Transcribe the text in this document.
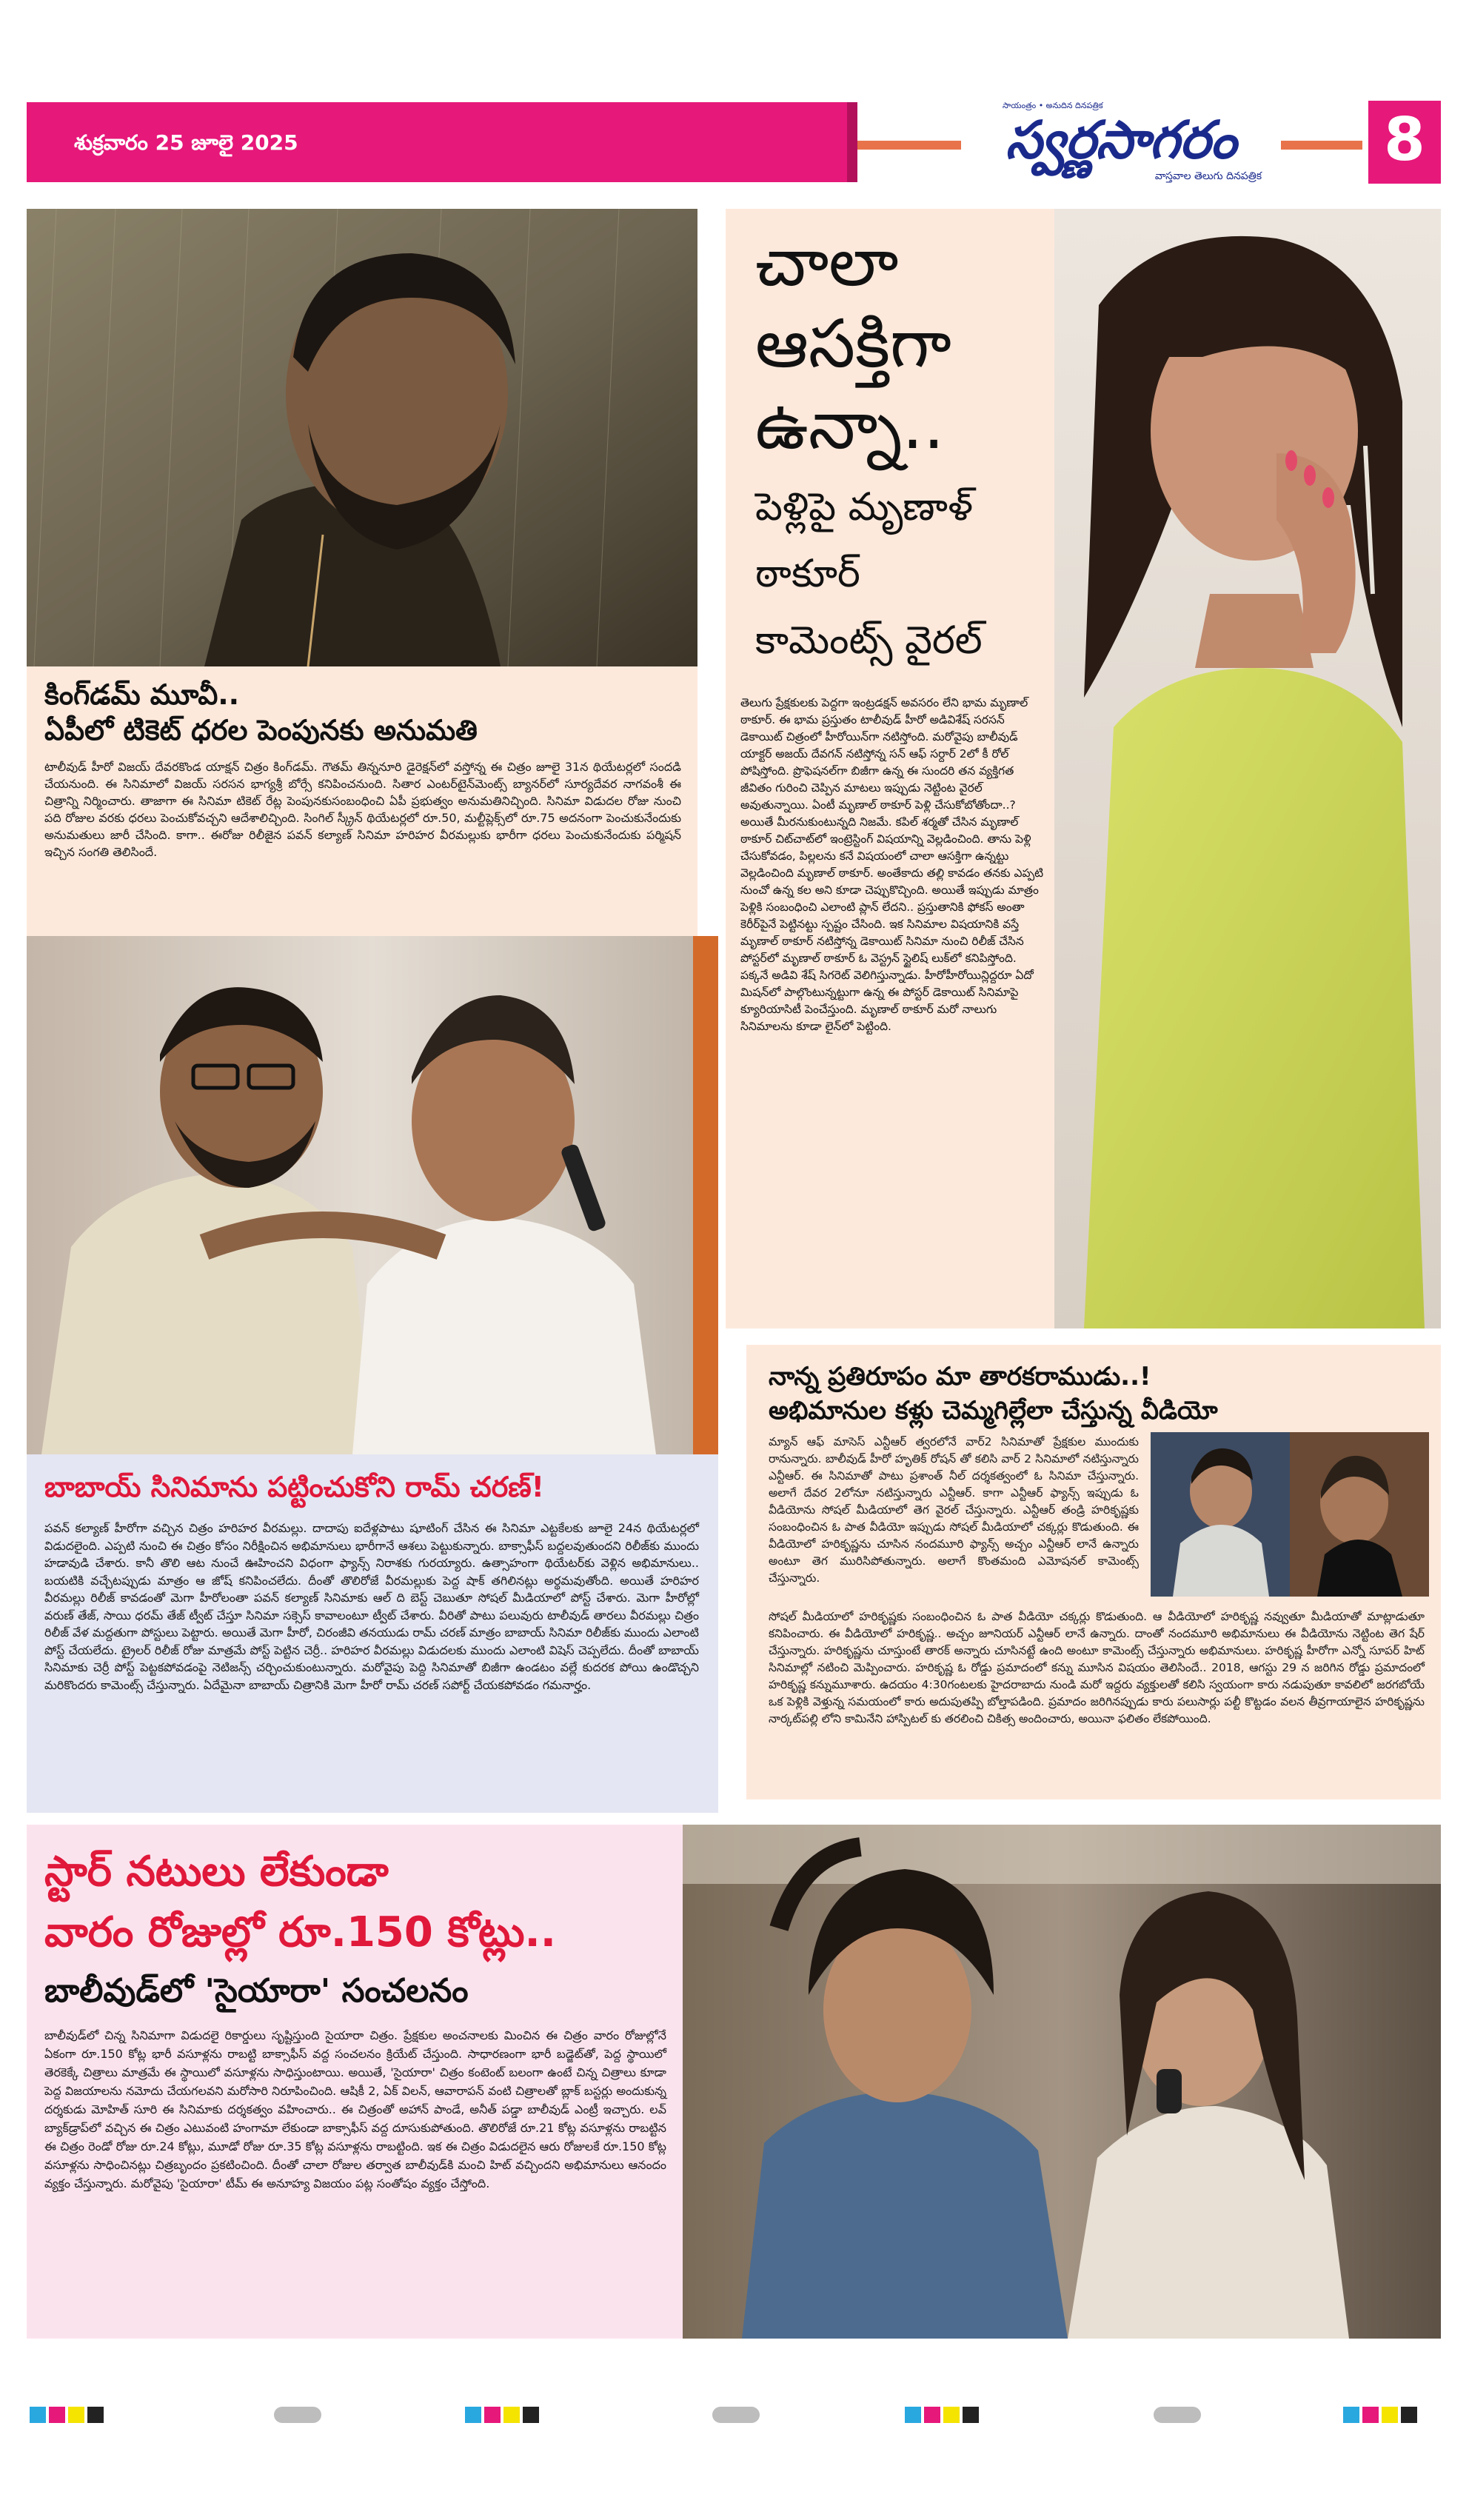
శుక్రవారం 25 జూలై 2025
సాయంత్రం • అనుదిన దినపత్రిక
స్వర్ణసాగరం
వాస్తవాల తెలుగు దినపత్రిక
8
కింగ్‌డమ్ మూవీ..
ఏపీలో టికెట్ ధరల పెంపునకు అనుమతి
టాలీవుడ్ హీరో విజయ్ దేవరకొండ యాక్షన్ చిత్రం కింగ్‌డమ్. గౌతమ్ తిన్ననూరి డైరెక్షన్‌లో వస్తోన్న ఈ చిత్రం జూలై 31న థియేటర్లలో సందడి చేయనుంది. ఈ సినిమాలో విజయ్ సరసన భాగ్యశ్రీ బోర్సే కనిపించనుంది. సితార ఎంటర్‌టైన్‌మెంట్స్ బ్యానర్‌లో సూర్యదేవర నాగవంశీ ఈ చిత్రాన్ని నిర్మించారు. తాజాగా ఈ సినిమా టికెట్ రేట్ల పెంపునకుసంబంధించి ఏపీ ప్రభుత్వం అనుమతినిచ్చింది. సినిమా విడుదల రోజు నుంచి పది రోజుల వరకు ధరలు పెంచుకోవచ్చని ఆదేశాలిచ్చింది. సింగిల్ స్క్రీన్ థియేటర్లలో రూ.50, మల్టీప్లెక్స్‌లో రూ.75 అదనంగా పెంచుకునేందుకు అనుమతులు జారీ చేసింది. కాగా.. ఈరోజు రిలీజైన పవన్ కల్యాణ్ సినిమా హరిహర వీరమల్లుకు భారీగా ధరలు పెంచుకునేందుకు పర్మిషన్ ఇచ్చిన సంగతి తెలిసిందే.
చాలా
ఆసక్తిగా
ఉన్నా..
పెళ్లిపై మృణాళ్
ఠాకూర్
కామెంట్స్ వైరల్
తెలుగు ప్రేక్షకులకు పెద్దగా ఇంట్రడక్షన్ అవసరం లేని భామ మృణాల్ ఠాకూర్. ఈ భామ ప్రస్తుతం టాలీవుడ్ హీరో అడివిశేష్ సరసన్ డెకాయిట్ చిత్రంలో హీరోయిన్‌గా నటిస్తోంది. మరోవైపు బాలీవుడ్ యాక్టర్ అజయ్ దేవగన్ నటిస్తోన్న సన్ ఆఫ్ సర్దార్ 2లో కీ రోల్ పోషిస్తోంది. ప్రొఫెషనల్‌గా బిజీగా ఉన్న ఈ సుందరి తన వ్యక్తిగత జీవితం గురించి చెప్పిన మాటలు ఇప్పుడు నెట్టింట వైరల్ అవుతున్నాయి. ఏంటీ మృణాల్ ఠాకూర్ పెళ్లి చేసుకోబోతోందా..? అయితే మీరనుకుంటున్నది నిజమే. కపిల్ శర్మతో చేసిన మృణాల్ ఠాకూర్ చిట్‌చాట్‌లో ఇంట్రెస్టింగ్ విషయాన్ని వెల్లడించింది. తాను పెళ్లి చేసుకోవడం, పిల్లలను కనే విషయంలో చాలా ఆసక్తిగా ఉన్నట్టు వెల్లడించింది మృణాల్ ఠాకూర్. అంతేకాదు తల్లి కావడం తనకు ఎప్పటి నుంచో ఉన్న కల అని కూడా చెప్పుకొచ్చింది. అయితే ఇప్పుడు మాత్రం పెళ్లికి సంబంధించి ఎలాంటి ప్లాన్ లేదని.. ప్రస్తుతానికి ఫోకస్ అంతా కెరీర్‌పైనే పెట్టినట్టు స్పష్టం చేసింది. ఇక సినిమాల విషయానికి వస్తే మృణాల్ ఠాకూర్ నటిస్తోన్న డెకాయిట్ సినిమా నుంచి రిలీజ్ చేసిన పోస్టర్‌లో మృణాల్ ఠాకూర్ ఓ వెస్ట్రన్ స్టైలిష్ లుక్‌లో కనిపిస్తోంది. పక్కనే అడివి శేష్ సిగరెట్ వెలిగిస్తున్నాడు. హీరోహీరోయిన్లిద్దరూ ఏదో మిషన్‌లో పాల్గొంటున్నట్టుగా ఉన్న ఈ పోస్టర్ డెకాయిట్ సినిమాపై క్యూరియాసిటీ పెంచేస్తుంది. మృణాల్ ఠాకూర్ మరో నాలుగు సినిమాలను కూడా లైన్‌లో పెట్టింది.
బాబాయ్ సినిమాను పట్టించుకోని రామ్ చరణ్!
పవన్ కల్యాణ్ హీరోగా వచ్చిన చిత్రం హరిహర వీరమల్లు. దాదాపు ఐదేళ్లపాటు షూటింగ్ చేసిన ఈ సినిమా ఎట్టకేలకు జూలై 24న థియేటర్లలో విడుదలైంది. ఎప్పటి నుంచి ఈ చిత్రం కోసం నిరీక్షించిన అభిమానులు భారీగానే ఆశలు పెట్టుకున్నారు. బాక్సాఫీస్ బద్దలవుతుందని రిలీజ్‌కు ముందు హడావుడి చేశారు. కానీ తొలి ఆట నుంచే ఊహించని విధంగా ఫ్యాన్స్ నిరాశకు గురయ్యారు. ఉత్సాహంగా థియేటర్‌కు వెళ్లిన అభిమానులు.. బయటికి వచ్చేటప్పుడు మాత్రం ఆ జోష్ కనిపించలేదు. దీంతో తొలిరోజే వీరమల్లుకు పెద్ద షాక్ తగిలినట్లు అర్థమవుతోంది. అయితే హరిహర వీరమల్లు రిలీజ్ కావడంతో మెగా హీరోలంతా పవన్ కల్యాణ్ సినిమాకు ఆల్ ది బెస్ట్ చెబుతూ సోషల్ మీడియాలో పోస్ట్ చేశారు. మెగా హీరోల్లో వరుణ్ తేజ్, సాయి ధరమ్ తేజ్ ట్వీట్ చేస్తూ సినిమా సక్సెస్ కావాలంటూ ట్వీట్ చేశారు. వీరితో పాటు పలువురు టాలీవుడ్ తారలు వీరమల్లు చిత్రం రిలీజ్ వేళ మద్దతుగా పోస్టులు పెట్టారు. అయితే మెగా హీరో, చిరంజీవి తనయుడు రామ్ చరణ్ మాత్రం బాబాయ్ సినిమా రిలీజ్‌కు ముందు ఎలాంటి పోస్ట్ చేయలేదు. ట్రైలర్ రిలీజ్ రోజు మాత్రమే పోస్ట్ పెట్టిన చెర్రీ.. హరిహర వీరమల్లు విడుదలకు ముందు ఎలాంటి విషెస్ చెప్పలేదు. దీంతో బాబాయ్ సినిమాకు చెర్రీ పోస్ట్ పెట్టకపోవడంపై నెటిజన్స్ చర్చించుకుంటున్నారు. మరోవైపు పెద్ది సినిమాతో బిజీగా ఉండటం వల్లే కుదరక పోయి ఉండొచ్చని మరికొందరు కామెంట్స్ చేస్తున్నారు. ఏదేమైనా బాబాయ్ చిత్రానికి మెగా హీరో రామ్ చరణ్ సపోర్ట్ చేయకపోవడం గమనార్హం.
నాన్న ప్రతిరూపం మా తారకరాముడు..!
అభిమానుల కళ్లు చెమ్మగిల్లేలా చేస్తున్న వీడియో
మ్యాన్ ఆఫ్ మాసెస్ ఎన్టీఆర్ త్వరలోనే వార్2 సినిమాతో ప్రేక్షకుల ముందుకు రానున్నారు. బాలీవుడ్ హీరో హృతిక్ రోషన్ తో కలిసి వార్ 2 సినిమాలో నటిస్తున్నారు ఎన్టీఆర్. ఈ సినిమాతో పాటు ప్రశాంత్ నీల్ దర్శకత్వంలో ఓ సినిమా చేస్తున్నారు. అలాగే దేవర 2లోనూ నటిస్తున్నారు ఎన్టీఆర్. కాగా ఎన్టీఆర్ ఫ్యాన్స్ ఇప్పుడు ఓ వీడియోను సోషల్ మీడియాలో తెగ వైరల్ చేస్తున్నారు. ఎన్టీఆర్ తండ్రి హరికృష్ణకు సంబంధించిన ఓ పాత వీడియో ఇప్పుడు సోషల్ మీడియాలో చక్కర్లు కొడుతుంది. ఈ వీడియోలో హరికృష్ణను చూసిన నందమూరి ఫ్యాన్స్ అచ్చం ఎన్టీఆర్ లానే ఉన్నారు అంటూ తెగ మురిసిపోతున్నారు. అలాగే కొంతమంది ఎమోషనల్ కామెంట్స్ చేస్తున్నారు.
సోషల్ మీడియాలో హరికృష్ణకు సంబంధించిన ఓ పాత వీడియో చక్కర్లు కొడుతుంది. ఆ వీడియోలో హరికృష్ణ నవ్వుతూ మీడియాతో మాట్లాడుతూ కనిపించారు. ఈ వీడియోలో హరికృష్ణ.. అచ్చం జూనియర్ ఎన్టీఆర్ లానే ఉన్నారు. దాంతో నందమూరి అభిమానులు ఈ వీడియోను నెట్టింట తెగ షేర్ చేస్తున్నారు. హరికృష్ణను చూస్తుంటే తారక్ అన్నారు చూసినట్టే ఉంది అంటూ కామెంట్స్ చేస్తున్నారు అభిమానులు. హరికృష్ణ హీరోగా ఎన్నో సూపర్ హిట్ సినిమాల్లో నటించి మెప్పించారు. హరికృష్ణ ఓ రోడ్డు ప్రమాదంలో కన్ను మూసిన విషయం తెలిసిందే.. 2018, ఆగస్టు 29 న జరిగిన రోడ్డు ప్రమాదంలో హరికృష్ణ కన్నుమూశారు. ఉదయం 4:30గంటలకు హైదరాబాదు నుండి మరో ఇద్దరు వ్యక్తులతో కలిసి స్వయంగా కారు నడుపుతూ కావలిలో జరగబోయే ఒక పెళ్లికి వెళ్తున్న సమయంలో కారు అదుపుతప్పి బోల్తాపడింది. ప్రమాదం జరిగినప్పుడు కారు పలుసార్లు పల్టీ కొట్టడం వలన తీవ్రగాయాలైన హరికృష్ణను నార్కట్‌పల్లి లోని కామినేని హాస్పిటల్ కు తరలించి చికిత్స అందించారు, అయినా ఫలితం లేకపోయింది.
స్టార్ నటులు లేకుండా
వారం రోజుల్లో రూ.150 కోట్లు..
బాలీవుడ్‌లో 'సైయారా' సంచలనం
బాలీవుడ్‌లో చిన్న సినిమాగా విడుదలై రికార్డులు సృష్టిస్తుంది సైయారా చిత్రం. ప్రేక్షకుల అంచనాలకు మించిన ఈ చిత్రం వారం రోజుల్లోనే ఏకంగా రూ.150 కోట్ల భారీ వసూళ్లను రాబట్టి బాక్సాఫీస్ వద్ద సంచలనం క్రియేట్ చేస్తుంది. సాధారణంగా భారీ బడ్జెట్‌తో, పెద్ద స్థాయిలో తెరకెక్కే చిత్రాలు మాత్రమే ఈ స్థాయిలో వసూళ్లను సాధిస్తుంటాయి. అయితే, 'సైయారా' చిత్రం కంటెంట్ బలంగా ఉంటే చిన్న చిత్రాలు కూడా పెద్ద విజయాలను నమోదు చేయగలవని మరోసారి నిరూపించింది. ఆషికీ 2, ఏక్ విలన్, ఆవారాపన్ వంటి చిత్రాలతో బ్లాక్ బస్టర్లు అందుకున్న దర్శకుడు మోహిత్ సూరి ఈ సినిమాకు దర్శకత్వం వహించారు.. ఈ చిత్రంతో అహాన్ పాండే, అనీత్ పడ్డా బాలీవుడ్ ఎంట్రీ ఇచ్చారు. లవ్ బ్యాక్‌డ్రాప్‌లో వచ్చిన ఈ చిత్రం ఎటువంటి హంగామా లేకుండా బాక్సాఫీస్ వద్ద దూసుకుపోతుంది. తొలిరోజే రూ.21 కోట్ల వసూళ్లను రాబట్టిన ఈ చిత్రం రెండో రోజు రూ.24 కోట్లు, మూడో రోజు రూ.35 కోట్ల వసూళ్లను రాబట్టింది. ఇక ఈ చిత్రం విడుదలైన ఆరు రోజులకే రూ.150 కోట్ల వసూళ్లను సాధించినట్లు చిత్రబృందం ప్రకటించింది. దీంతో చాలా రోజుల తర్వాత బాలీవుడ్‌కి మంచి హిట్ వచ్చిందని అభిమానులు ఆనందం వ్యక్తం చేస్తున్నారు. మరోవైపు 'సైయారా' టీమ్ ఈ అనూహ్య విజయం పట్ల సంతోషం వ్యక్తం చేస్తోంది.
